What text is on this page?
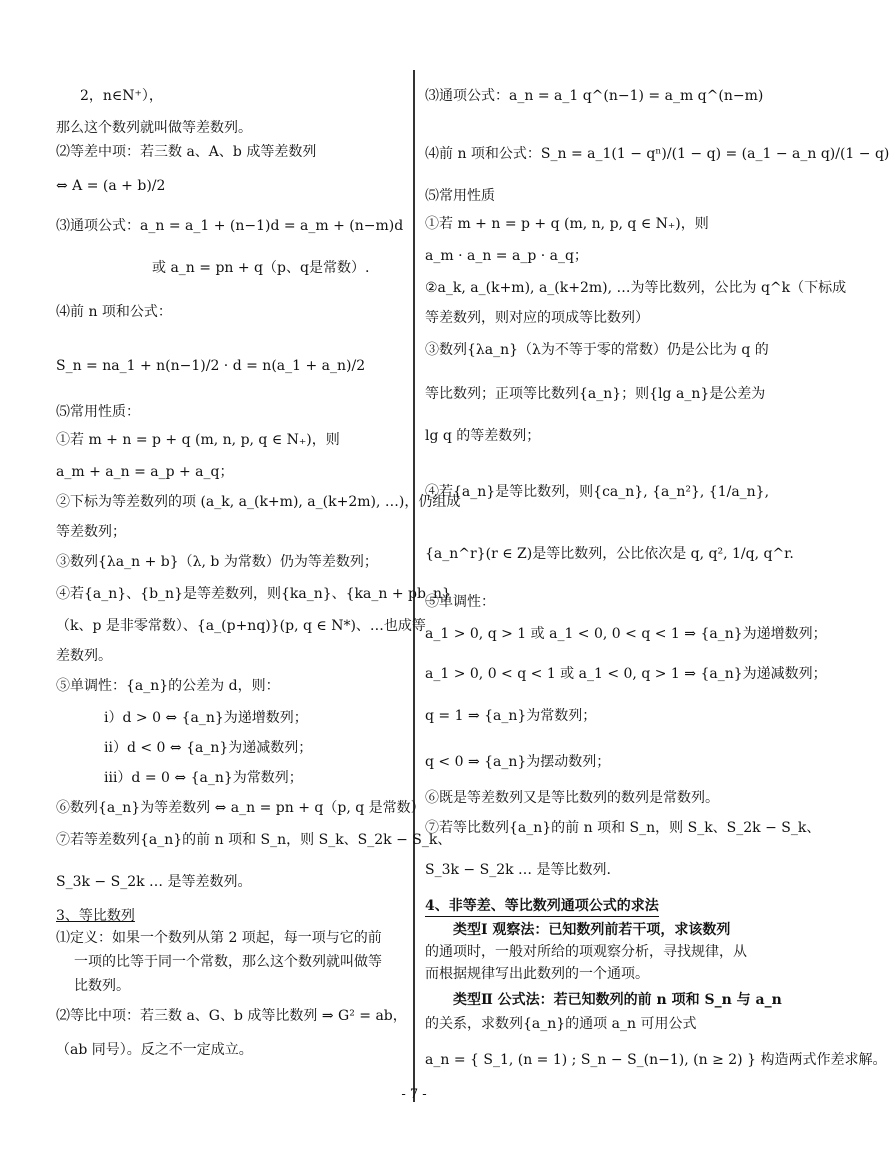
2，n∈N⁺），
那么这个数列就叫做等差数列。
⑵等差中项：若三数 a、A、b 成等差数列
⇔ A = (a + b)/2
⑶通项公式：a_n = a_1 + (n−1)d = a_m + (n−m)d
或 a_n = pn + q（p、q是常数）.
⑷前 n 项和公式：
S_n = na_1 + n(n−1)/2 · d = n(a_1 + a_n)/2
⑸常用性质：
①若 m + n = p + q (m, n, p, q ∈ N₊)，则
a_m + a_n = a_p + a_q；
②下标为等差数列的项 (a_k, a_(k+m), a_(k+2m), …)，仍组成
等差数列；
③数列{λa_n + b}（λ, b 为常数）仍为等差数列；
④若{a_n}、{b_n}是等差数列，则{ka_n}、{ka_n + pb_n}
（k、p 是非零常数）、{a_(p+nq)}(p, q ∈ N*)、…也成等
差数列。
⑤单调性：{a_n}的公差为 d，则：
ⅰ）d > 0 ⇔ {a_n}为递增数列；
ⅱ）d < 0 ⇔ {a_n}为递减数列；
ⅲ）d = 0 ⇔ {a_n}为常数列；
⑥数列{a_n}为等差数列 ⇔ a_n = pn + q（p, q 是常数）
⑦若等差数列{a_n}的前 n 项和 S_n，则 S_k、S_2k − S_k、
S_3k − S_2k … 是等差数列。
3、等比数列
⑴定义：如果一个数列从第 2 项起，每一项与它的前
一项的比等于同一个常数，那么这个数列就叫做等
比数列。
⑵等比中项：若三数 a、G、b 成等比数列 ⇒ G² = ab，
（ab 同号）。反之不一定成立。
⑶通项公式：a_n = a_1 q^(n−1) = a_m q^(n−m)
⑷前 n 项和公式：S_n = a_1(1 − qⁿ)/(1 − q) = (a_1 − a_n q)/(1 − q)
⑸常用性质
①若 m + n = p + q (m, n, p, q ∈ N₊)，则
a_m · a_n = a_p · a_q；
②a_k, a_(k+m), a_(k+2m), …为等比数列，公比为 q^k（下标成
等差数列，则对应的项成等比数列）
③数列{λa_n}（λ为不等于零的常数）仍是公比为 q 的
等比数列；正项等比数列{a_n}；则{lg a_n}是公差为
lg q 的等差数列；
④若{a_n}是等比数列，则{ca_n}, {a_n²}, {1/a_n},
{a_n^r}(r ∈ Z)是等比数列，公比依次是 q, q², 1/q, q^r.
⑤单调性：
a_1 > 0, q > 1 或 a_1 < 0, 0 < q < 1 ⇒ {a_n}为递增数列；
a_1 > 0, 0 < q < 1 或 a_1 < 0, q > 1 ⇒ {a_n}为递减数列；
q = 1 ⇒ {a_n}为常数列；
q < 0 ⇒ {a_n}为摆动数列；
⑥既是等差数列又是等比数列的数列是常数列。
⑦若等比数列{a_n}的前 n 项和 S_n，则 S_k、S_2k − S_k、
S_3k − S_2k … 是等比数列.
4、非等差、等比数列通项公式的求法
类型Ⅰ 观察法：已知数列前若干项，求该数列
的通项时，一般对所给的项观察分析，寻找规律，从
而根据规律写出此数列的一个通项。
类型Ⅱ 公式法：若已知数列的前 n 项和 S_n 与 a_n
的关系，求数列{a_n}的通项 a_n 可用公式
a_n = { S_1, (n = 1) ; S_n − S_(n−1), (n ≥ 2) } 构造两式作差求解。
- 7 -
